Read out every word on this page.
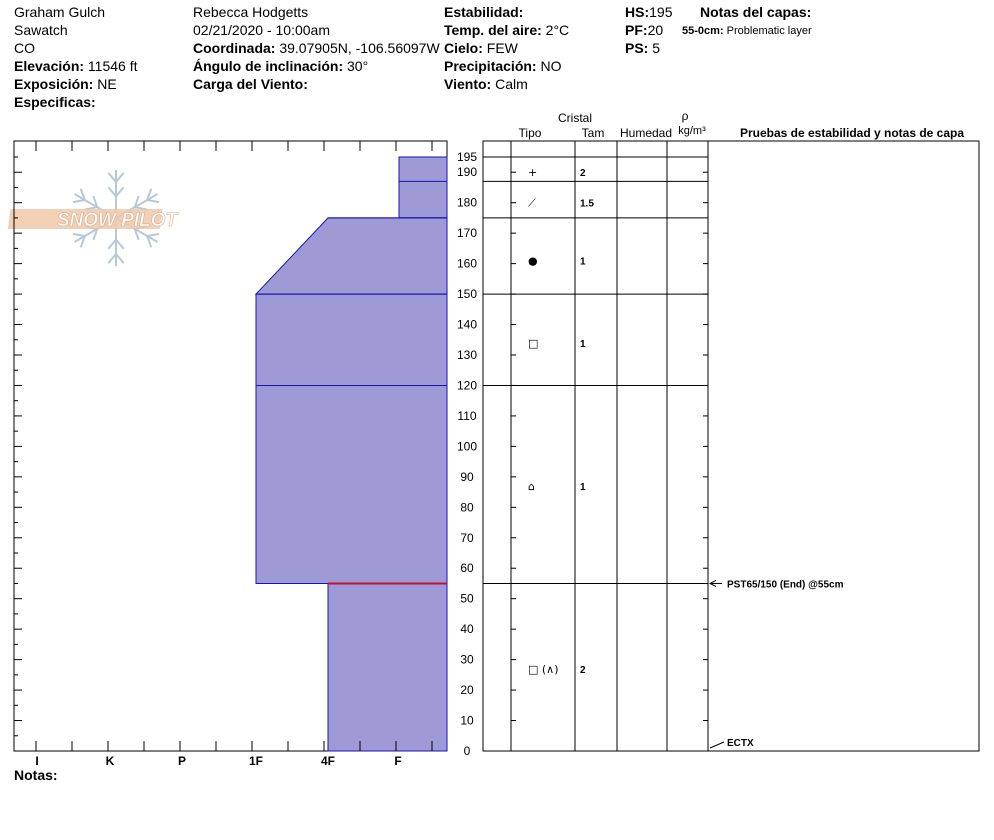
Graham Gulch
Sawatch
CO
Elevación: 11546 ft
Exposición: NE
Especificas:
Rebecca Hodgetts
02/21/2020 - 10:00am
Coordinada: 39.07905N, -106.56097W
Ángulo de inclinación: 30°
Carga del Viento:
Estabilidad:
Temp. del aire: 2°C
Cielo: FEW
Precipitación: NO
Viento: Calm
HS:195
PF:20
PS: 5
Notas del capas:
55-0cm: Problematic layer
SNOW PILOT
I	K	P	1F	4F	F
195
190
180
170
160
150
140
130
120
110
100
90
80
70
60
50
40
30
20
10
0
+	2
⟋	1.5
●	1
□	1
⌂	1
□ (∧) 2
PST65/150 (End) @55cm
ECTX
Cristal
Tipo	Tam Humedad
ρ
kg/m³	Pruebas de estabilidad y notas de capa
Notas:
